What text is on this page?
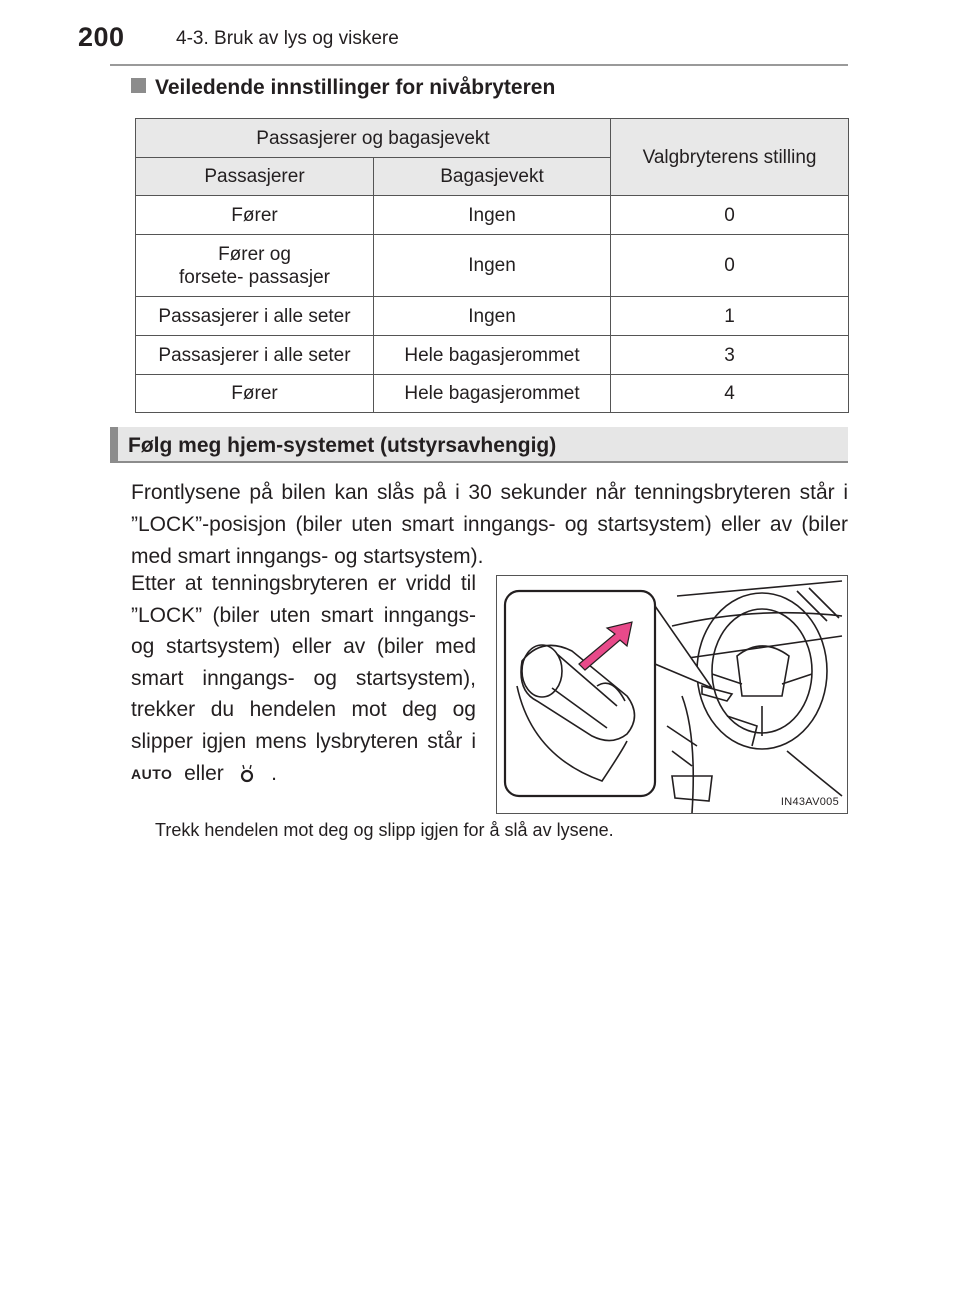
200	4-3. Bruk av lys og viskere
Veiledende innstillinger for nivåbryteren
Passasjerer og bagasjevekt		Valgbryterens stilling
Passasjerer	Bagasjevekt	
Fører	Ingen	0
Fører og
forsete- passasjer	Ingen	0
Passasjerer i alle seter	Ingen	1
Passasjerer i alle seter	Hele bagasjerommet	3
Fører	Hele bagasjerommet	4
Følg meg hjem-systemet (utstyrsavhengig)
Frontlysene på bilen kan slås på i 30 sekunder når tenningsbryteren står i ”LOCK”-posisjon (biler uten smart inngangs- og startsystem) eller av (biler med smart inngangs- og startsystem).
Etter at tenningsbryteren er vridd til ”LOCK” (biler uten smart inngangs- og startsystem) eller av (biler med smart inngangs- og startsystem), trekker du hendelen mot deg og slipper igjen mens lysbryteren står i AUTO eller .
IN43AV005
Trekk hendelen mot deg og slipp igjen for å slå av lysene.
